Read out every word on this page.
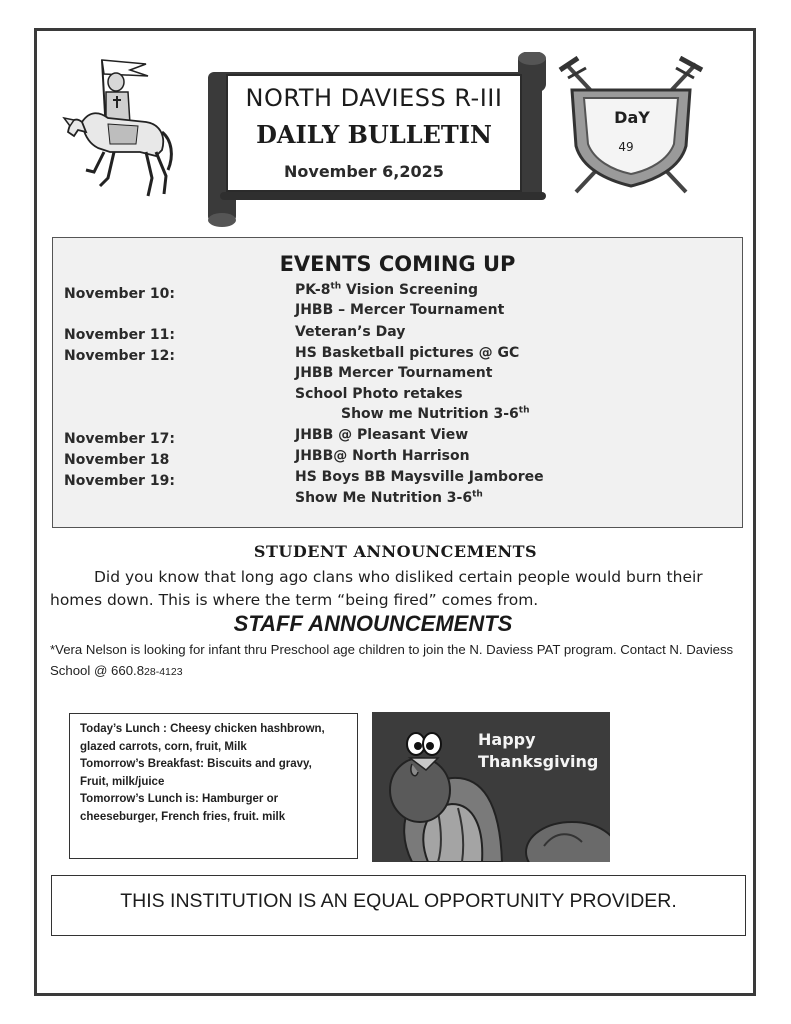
NORTH DAVIESS R-III
DAILY BULLETIN
November 6,2025
DaY
49
EVENTS COMING UP
November 10:	PK-8th Vision Screening
JHBB – Mercer Tournament
November 11:	Veteran’s Day
November 12:	HS Basketball pictures @ GC
JHBB Mercer Tournament
School Photo retakes
Show me Nutrition 3-6th
November 17:	JHBB @ Pleasant View
November 18	JHBB@ North Harrison
November 19:	HS Boys BB Maysville Jamboree
Show Me Nutrition 3-6th
STUDENT ANNOUNCEMENTS
Did you know that long ago clans who disliked certain people would burn their homes down. This is where the term “being fired” comes from.
STAFF ANNOUNCEMENTS
*Vera Nelson is looking for infant thru Preschool age children to join the N. Daviess PAT program. Contact N. Daviess School @ 660.828-4123
Today’s Lunch : Cheesy chicken hashbrown,
glazed carrots, corn, fruit, Milk
Tomorrow’s Breakfast: Biscuits and gravy,
Fruit, milk/juice
Tomorrow’s Lunch is: Hamburger or
cheeseburger, French fries, fruit. milk
Happy
Thanksgiving
THIS INSTITUTION IS AN EQUAL OPPORTUNITY PROVIDER.
